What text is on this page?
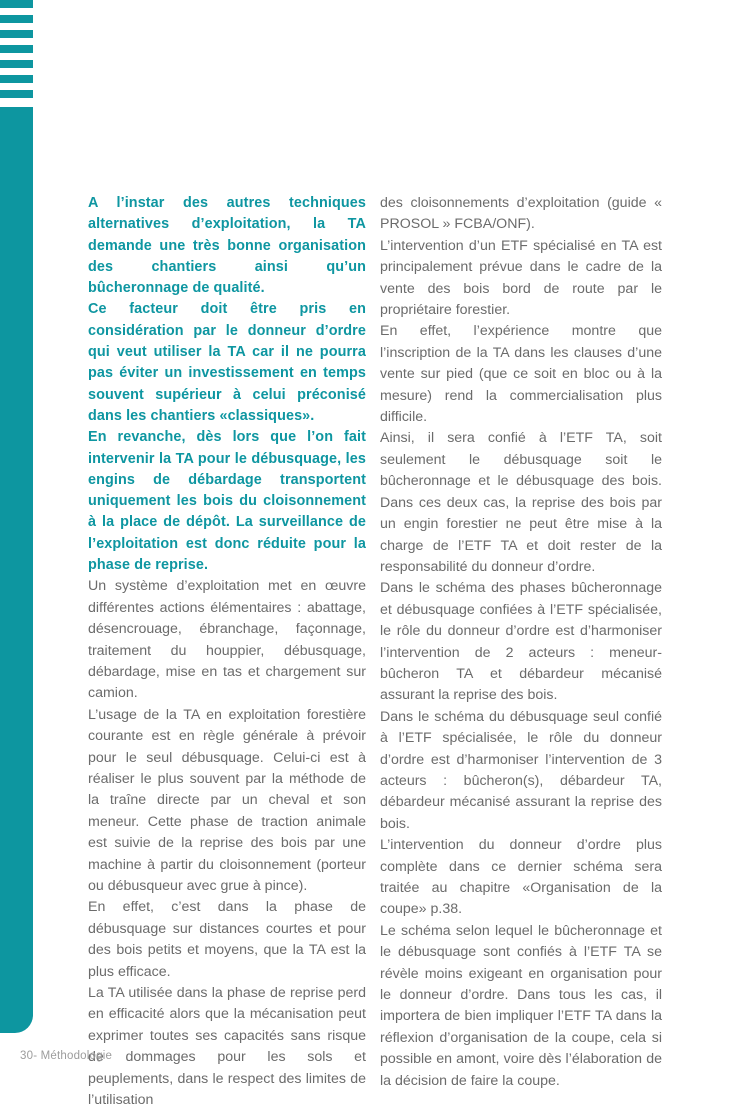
A l’instar des autres techniques alternatives d’exploitation, la TA demande une très bonne organisation des chantiers ainsi qu’un bûcheronnage de qualité.

Ce facteur doit être pris en considération par le donneur d’ordre qui veut utiliser la TA car il ne pourra pas éviter un investissement en temps souvent supérieur à celui préconisé dans les chantiers «classiques».

En revanche, dès lors que l’on fait intervenir la TA pour le débusquage, les engins de débardage transportent uniquement les bois du cloisonnement à la place de dépôt. La surveillance de l’exploitation est donc réduite pour la phase de reprise.

Un système d’exploitation met en œuvre différentes actions élémentaires : abattage, désencrouage, ébranchage, façonnage, traitement du houppier, débusquage, débardage, mise en tas et chargement sur camion.

L’usage de la TA en exploitation forestière courante est en règle générale à prévoir pour le seul débusquage. Celui-ci est à réaliser le plus souvent par la méthode de la traîne directe par un cheval et son meneur. Cette phase de traction animale est suivie de la reprise des bois par une machine à partir du cloisonnement (porteur ou débusqueur avec grue à pince).

En effet, c’est dans la phase de débusquage sur distances courtes et pour des bois petits et moyens, que la TA est la plus efficace.

La TA utilisée dans la phase de reprise perd en efficacité alors que la mécanisation peut exprimer toutes ses capacités sans risque de dommages pour les sols et peuplements, dans le respect des limites de l’utilisation

des cloisonnements d’exploitation (guide « PROSOL » FCBA/ONF).

L’intervention d’un ETF spécialisé en TA est principalement prévue dans le cadre de la vente des bois bord de route par le propriétaire forestier.

En effet, l’expérience montre que l’inscription de la TA dans les clauses d’une vente sur pied (que ce soit en bloc ou à la mesure) rend la commercialisation plus difficile.

Ainsi, il sera confié à l’ETF TA, soit seulement le débusquage soit le bûcheronnage et le débusquage des bois. Dans ces deux cas, la reprise des bois par un engin forestier ne peut être mise à la charge de l’ETF TA et doit rester de la responsabilité du donneur d’ordre.

Dans le schéma des phases bûcheronnage et débusquage confiées à l’ETF spécialisée, le rôle du donneur d’ordre est d’harmoniser l’intervention de 2 acteurs : meneur-bûcheron TA et débardeur mécanisé assurant la reprise des bois.

Dans le schéma du débusquage seul confié à l’ETF spécialisée, le rôle du donneur d’ordre est d’harmoniser l’intervention de 3 acteurs : bûcheron(s), débardeur TA, débardeur mécanisé assurant la reprise des bois.

L’intervention du donneur d’ordre plus complète dans ce dernier schéma sera traitée au chapitre «Organisation de la coupe» p.38.

Le schéma selon lequel le bûcheronnage et le débusquage sont confiés à l’ETF TA se révèle moins exigeant en organisation pour le donneur d’ordre. Dans tous les cas, il importera de bien impliquer l’ETF TA dans la réflexion d’organisation de la coupe, cela si possible en amont, voire dès l’élaboration de la décision de faire la coupe.

30- Méthodologie
